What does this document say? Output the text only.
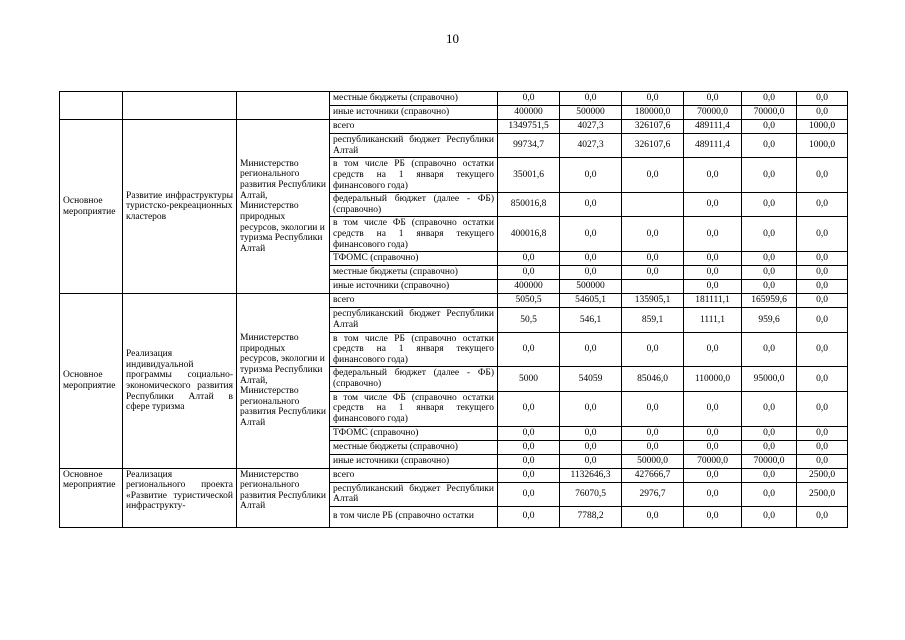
10
			местные бюджеты (справочно)	0,0	0,0	0,0	0,0	0,0	0,0
			иные источники (справочно)	400000	500000	180000,0	70000,0	70000,0	0,0
Основное мероприятие	Развитие инфраструктуры туристско-рекреационных кластеров	Министерство регионального развития Республики Алтай, Министерство природных ресурсов, экологии и туризма Республики Алтай	всего	1349751,5	4027,3	326107,6	489111,4	0,0	1000,0
			республиканский бюджет Республики Алтай	99734,7	4027,3	326107,6	489111,4	0,0	1000,0
			в том числе РБ (справочно остатки средств на 1 января текущего финансового года)	35001,6	0,0	0,0	0,0	0,0	0,0
			федеральный бюджет (далее - ФБ) (справочно)	850016,8	0,0		0,0	0,0	0,0
			в том числе ФБ (справочно остатки средств на 1 января текущего финансового года)	400016,8	0,0	0,0	0,0	0,0	0,0
			ТФОМС (справочно)	0,0	0,0	0,0	0,0	0,0	0,0
			местные бюджеты (справочно)	0,0	0,0	0,0	0,0	0,0	0,0
			иные источники (справочно)	400000	500000		0,0	0,0	0,0
Основное мероприятие	Реализация индивидуальной программы социально-экономического развития Республики Алтай в сфере туризма	Министерство природных ресурсов, экологии и туризма Республики Алтай, Министерство регионального развития Республики Алтай	всего	5050,5	54605,1	135905,1	181111,1	165959,6	0,0
			республиканский бюджет Республики Алтай	50,5	546,1	859,1	1111,1	959,6	0,0
			в том числе РБ (справочно остатки средств на 1 января текущего финансового года)	0,0	0,0	0,0	0,0	0,0	0,0
			федеральный бюджет (далее - ФБ) (справочно)	5000	54059	85046,0	110000,0	95000,0	0,0
			в том числе ФБ (справочно остатки средств на 1 января текущего финансового года)	0,0	0,0	0,0	0,0	0,0	0,0
			ТФОМС (справочно)	0,0	0,0	0,0	0,0	0,0	0,0
			местные бюджеты (справочно)	0,0	0,0	0,0	0,0	0,0	0,0
			иные источники (справочно)	0,0	0,0	50000,0	70000,0	70000,0	0,0
Основное мероприятие	Реализация регионального проекта «Развитие туристической инфраструкту-	Министерство регионального развития Республики Алтай	всего	0,0	1132646,3	427666,7	0,0	0,0	2500,0
			республиканский бюджет Республики Алтай	0,0	76070,5	2976,7	0,0	0,0	2500,0
			в том числе РБ (справочно остатки	0,0	7788,2	0,0	0,0	0,0	0,0
